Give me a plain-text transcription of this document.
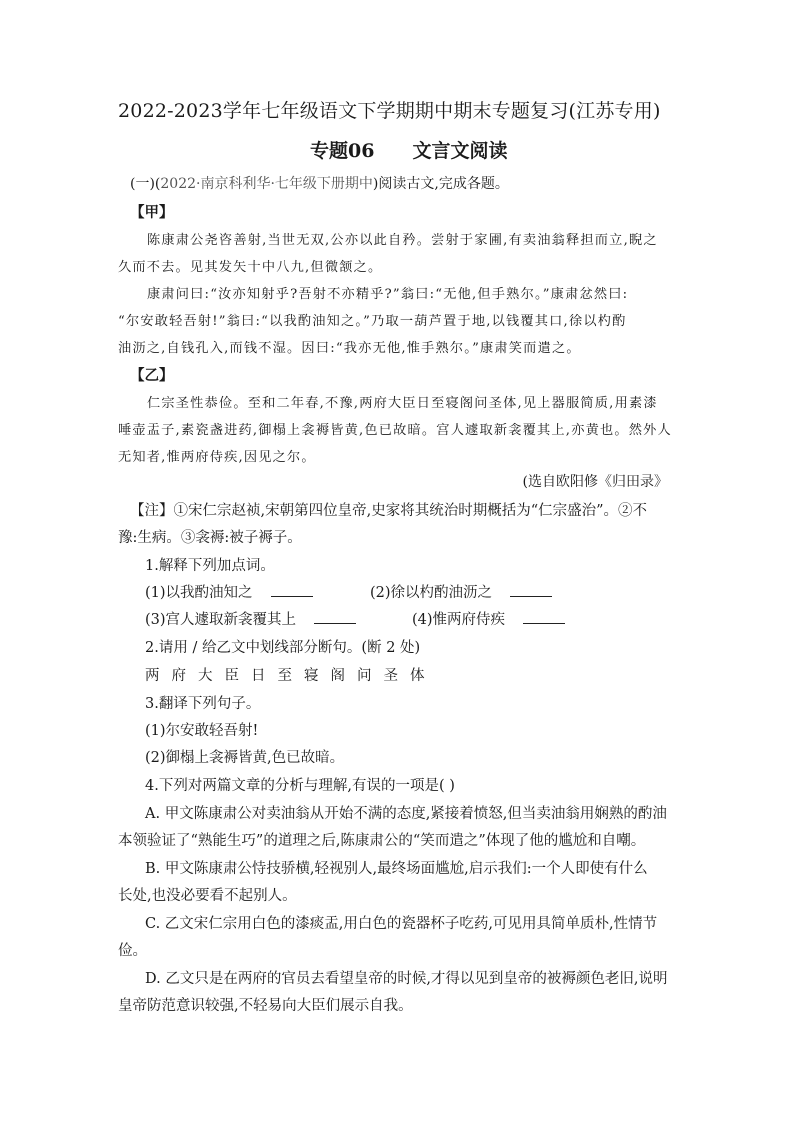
2022-2023学年七年级语文下学期期中期末专题复习(江苏专用)
专题06 文言文阅读
(一)(2022·南京科利华·七年级下册期中)阅读古文,完成各题。
【甲】
陈康肃公尧咨善射,当世无双,公亦以此自矜。尝射于家圃,有卖油翁释担而立,睨之
久而不去。见其发矢十中八九,但微颔之。
康肃问曰:“汝亦知射乎?吾射不亦精乎?”翁曰:“无他,但手熟尔。”康肃忿然曰:
“尔安敢轻吾射!”翁曰:“以我酌油知之。”乃取一葫芦置于地,以钱覆其口,徐以杓酌
油沥之,自钱孔入,而钱不湿。因曰:“我亦无他,惟手熟尔。”康肃笑而遣之。
【乙】
仁宗圣性恭俭。至和二年春,不豫,两府大臣日至寝阁问圣体,见上器服简质,用素漆
唾壶盂子,素瓷盏进药,御榻上衾褥皆黄,色已故暗。宫人遽取新衾覆其上,亦黄也。然外人
无知者,惟两府侍疾,因见之尔。
(选自欧阳修《归田录》
【注】①宋仁宗赵祯,宋朝第四位皇帝,史家将其统治时期概括为“仁宗盛治”。②不
豫:生病。③衾褥:被子褥子。
1.解释下列加点词。
(1)以我酌油知之	(2)徐以杓酌油沥之
(3)宫人遽取新衾覆其上	(4)惟两府侍疾
2.请用 / 给乙文中划线部分断句。(断 2 处)
两 府 大 臣 日 至 寝 阁 问 圣 体
3.翻译下列句子。
(1)尔安敢轻吾射!
(2)御榻上衾褥皆黄,色已故暗。
4.下列对两篇文章的分析与理解,有误的一项是( )
A. 甲文陈康肃公对卖油翁从开始不满的态度,紧接着愤怒,但当卖油翁用娴熟的酌油
本领验证了“熟能生巧”的道理之后,陈康肃公的“笑而遣之”体现了他的尴尬和自嘲。
B. 甲文陈康肃公恃技骄横,轻视别人,最终场面尴尬,启示我们:一个人即使有什么
长处,也没必要看不起别人。
C. 乙文宋仁宗用白色的漆痰盂,用白色的瓷器杯子吃药,可见用具简单质朴,性情节
俭。
D. 乙文只是在两府的官员去看望皇帝的时候,才得以见到皇帝的被褥颜色老旧,说明
皇帝防范意识较强,不轻易向大臣们展示自我。
